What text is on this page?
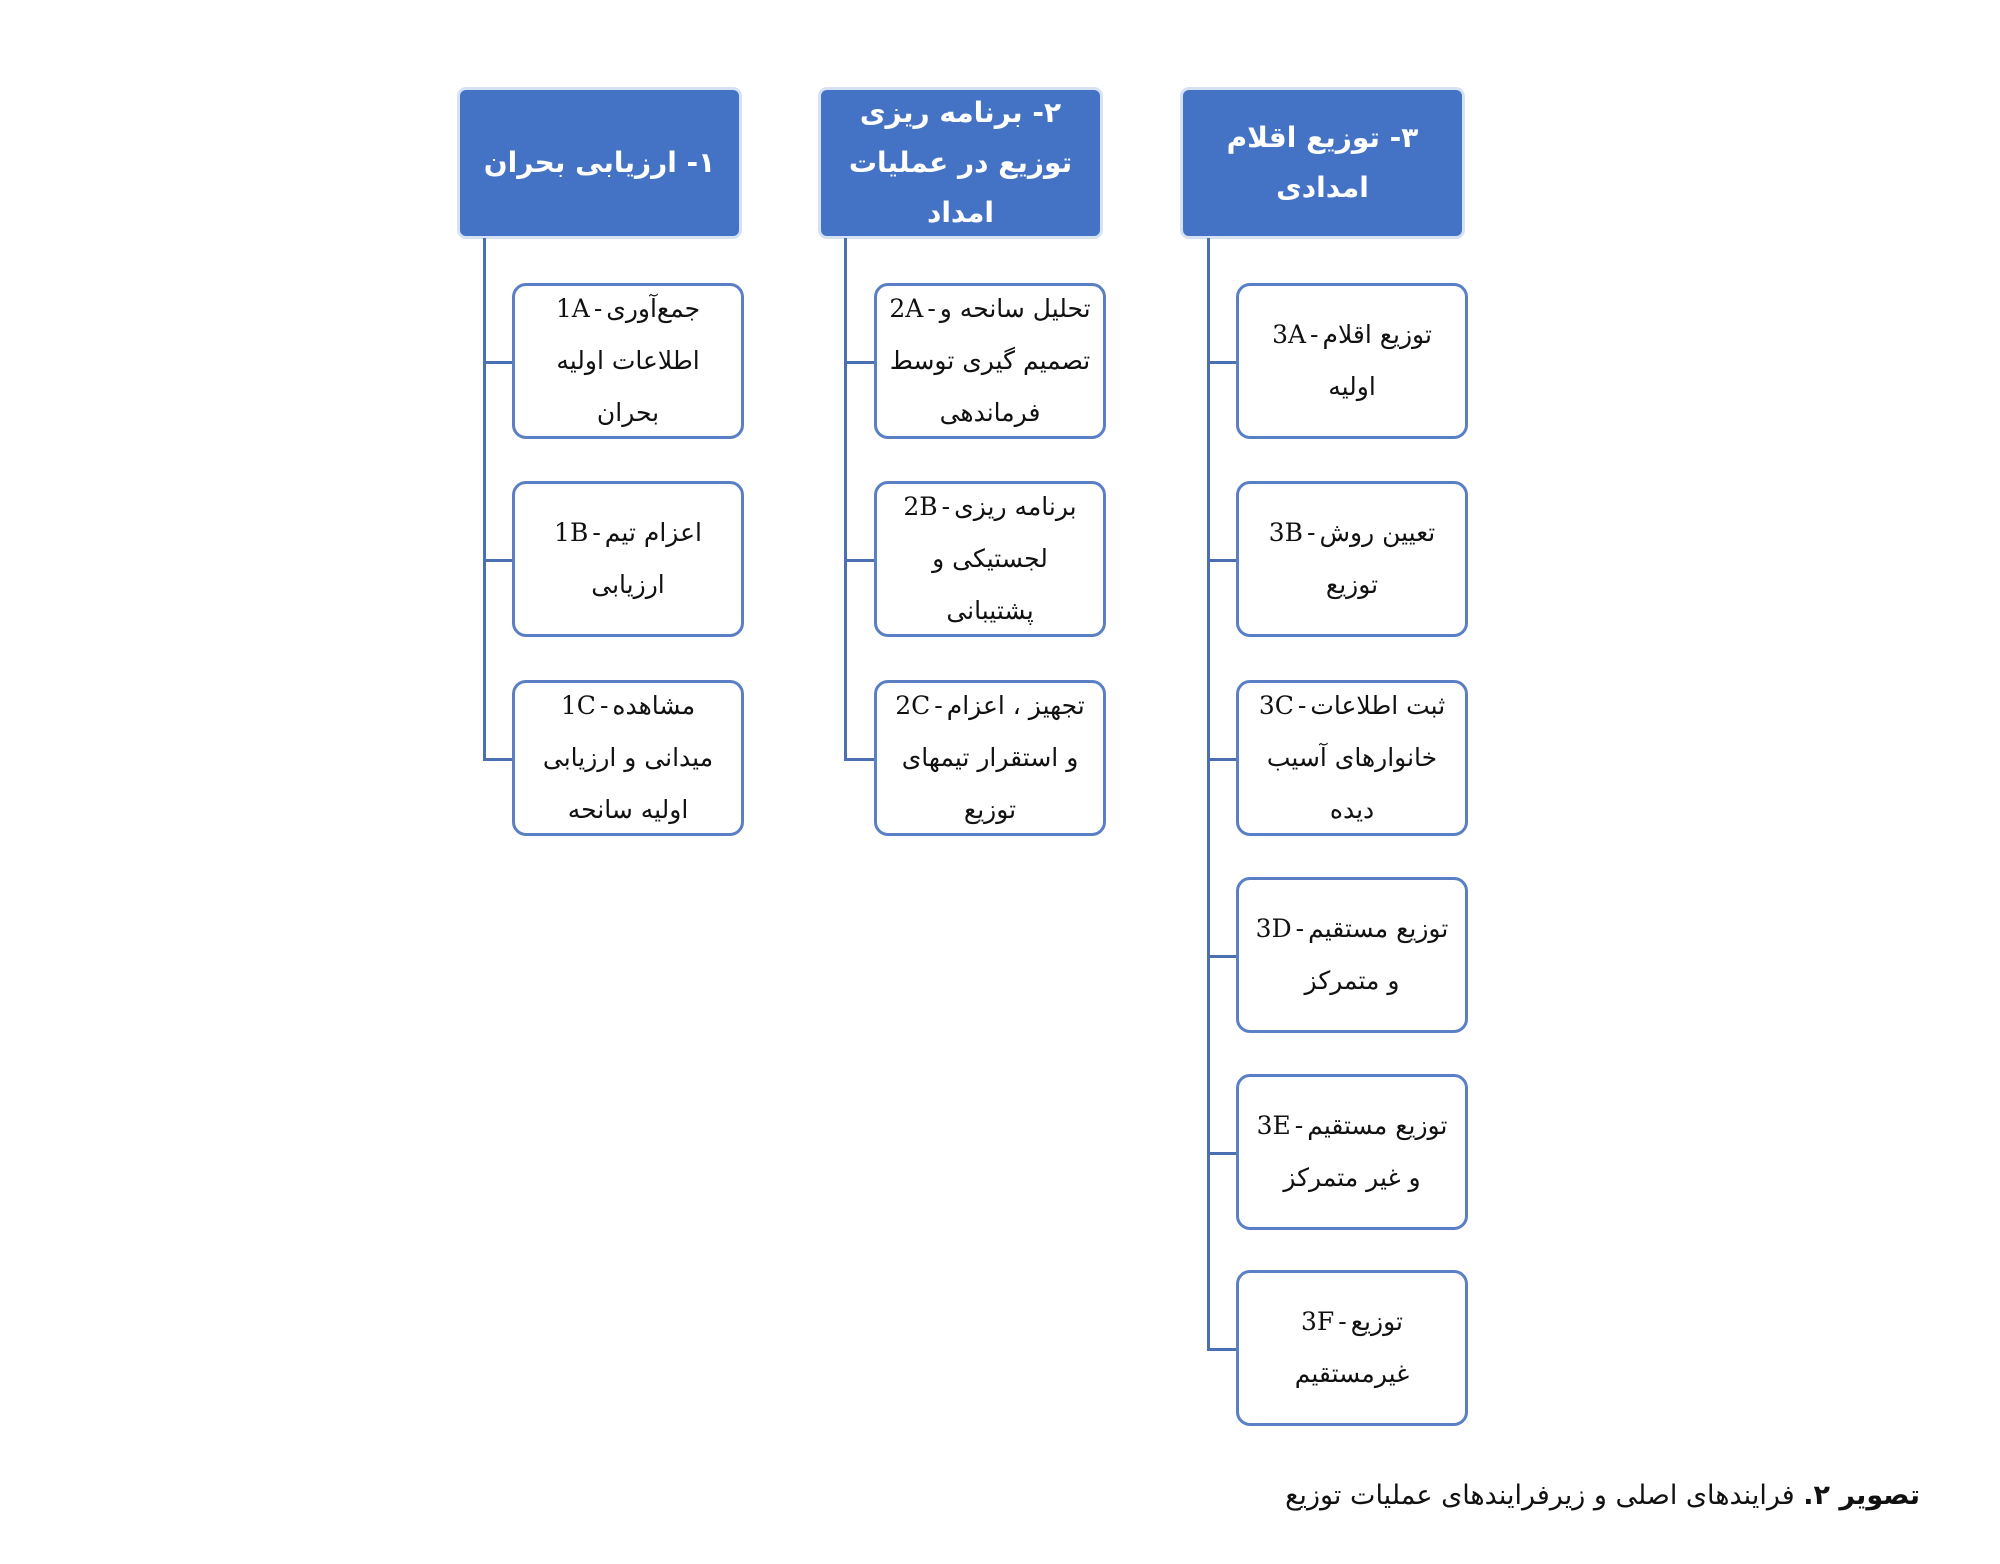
۱- ارزیابی بحران
1A - جمع‌آوری اطلاعات اولیه بحران
1B - اعزام تیم ارزیابی
1C - مشاهده میدانی و ارزیابی اولیه سانحه
۲- برنامه ریزی توزیع در عملیات امداد
2A - تحلیل سانحه و تصمیم گیری توسط فرماندهی
2B - برنامه ریزی لجستیکی و پشتیبانی
2C - تجهیز ، اعزام و استقرار تیمهای توزیع
۳- توزیع اقلام امدادی
3A - توزیع اقلام اولیه
3B - تعیین روش توزیع
3C - ثبت اطلاعات خانوارهای آسیب دیده
3D - توزیع مستقیم و متمرکز
3E - توزیع مستقیم و غیر متمرکز
3F - توزیع غیرمستقیم
تصویر ۲. فرایندهای اصلی و زیرفرایندهای عملیات توزیع
